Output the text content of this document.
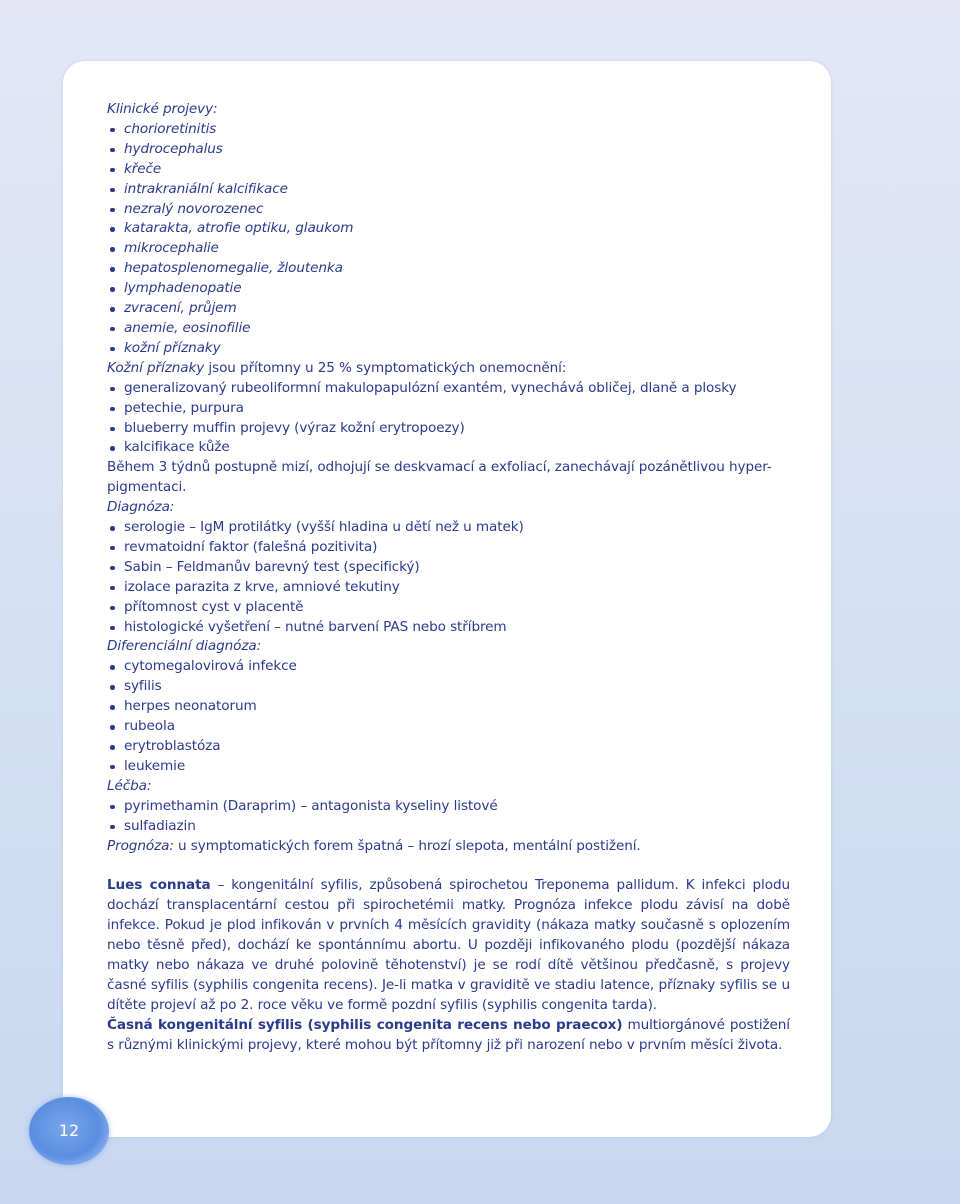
Klinické projevy:
chorioretinitis
hydrocephalus
křeče
intrakraniální kalcifikace
nezralý novorozenec
katarakta, atrofie optiku, glaukom
mikrocephalie
hepatosplenomegalie, žloutenka
lymphadenopatie
zvracení, průjem
anemie, eosinofilie
kožní příznaky

Kožní příznaky jsou přítomny u 25 % symptomatických onemocnění:

generalizovaný rubeoliformní makulopapulózní exantém, vynechává obličej, dlaně a plosky
petechie, purpura
blueberry muffin projevy (výraz kožní erytropoezy)
kalcifikace kůže

Během 3 týdnů postupně mizí, odhojují se deskvamací a exfoliací, zanechávají pozánětlivou hyper-pigmentaci.

Diagnóza:
serologie – IgM protilátky (vyšší hladina u dětí než u matek)
revmatoidní faktor (falešná pozitivita)
Sabin – Feldmanův barevný test (specifický)
izolace parazita z krve, amniové tekutiny
přítomnost cyst v placentě
histologické vyšetření – nutné barvení PAS nebo stříbrem
Diferenciální diagnóza:
cytomegalovirová infekce
syfilis
herpes neonatorum
rubeola
erytroblastóza
leukemie
Léčba:
pyrimethamin (Daraprim) – antagonista kyseliny listové
sulfadiazin

Prognóza: u symptomatických forem špatná – hrozí slepota, mentální postižení.

Lues connata – kongenitální syfilis, způsobená spirochetou Treponema pallidum. K infekci plodu dochází transplacentární cestou při spirochetémii matky. Prognóza infekce plodu závisí na době infekce. Pokud je plod infikován v prvních 4 měsících gravidity (nákaza matky současně s oplozením nebo těsně před), dochází ke spontánnímu abortu. U později infikovaného plodu (pozdější nákaza matky nebo nákaza ve druhé polovině těhotenství) je se rodí dítě většinou předčasně, s projevy časné syfilis (syphilis congenita recens). Je-li matka v graviditě ve stadiu latence, příznaky syfilis se u dítěte projeví až po 2. roce věku ve formě pozdní syfilis (syphilis congenita tarda).

Časná kongenitální syfilis (syphilis congenita recens nebo praecox) multiorgánové postižení s různými klinickými projevy, které mohou být přítomny již při narození nebo v prvním měsíci života.

12
